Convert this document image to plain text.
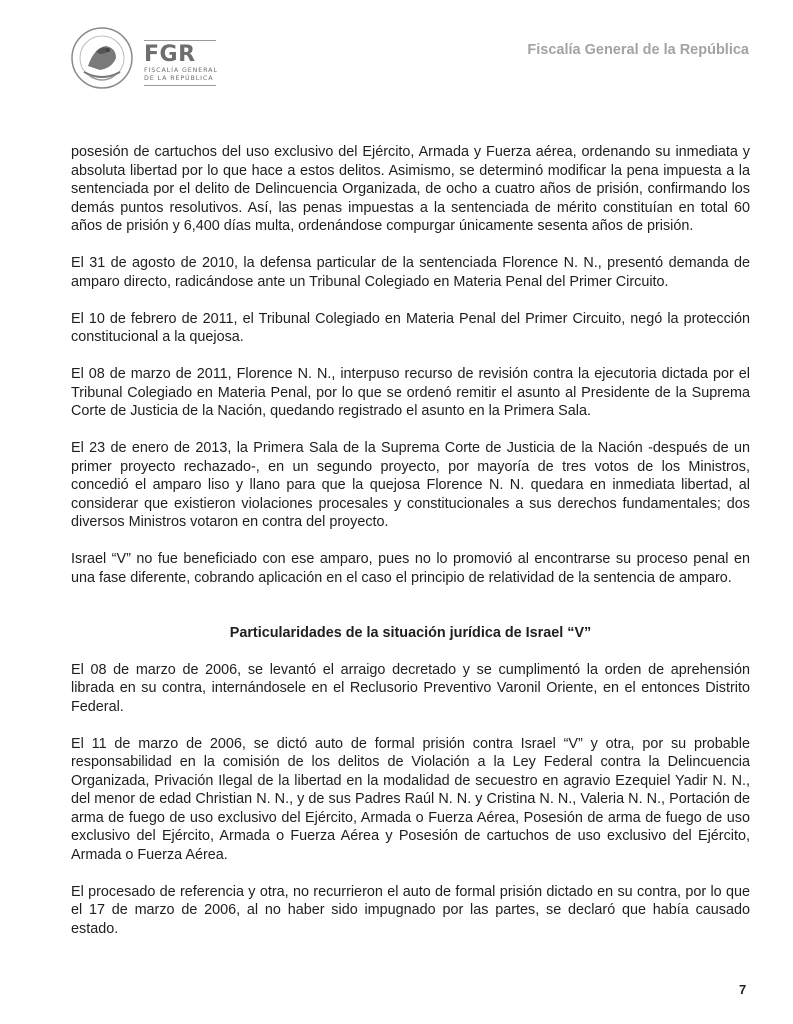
FGR
FISCALÍA GENERAL
DE LA REPÚBLICA
Fiscalía General de la República

posesión de cartuchos del uso exclusivo del Ejército, Armada y Fuerza aérea, ordenando su inmediata y absoluta libertad por lo que hace a estos delitos. Asimismo, se determinó modificar la pena impuesta a la sentenciada por el delito de Delincuencia Organizada, de ocho a cuatro años de prisión, confirmando los demás puntos resolutivos. Así, las penas impuestas a la sentenciada de mérito constituían en total 60 años de prisión y 6,400 días multa, ordenándose compurgar únicamente sesenta años de prisión.

El 31 de agosto de 2010, la defensa particular de la sentenciada Florence N. N., presentó demanda de amparo directo, radicándose ante un Tribunal Colegiado en Materia Penal del Primer Circuito.

El 10 de febrero de 2011, el Tribunal Colegiado en Materia Penal del Primer Circuito, negó la protección constitucional a la quejosa.

El 08 de marzo de 2011, Florence N. N., interpuso recurso de revisión contra la ejecutoria dictada por el Tribunal Colegiado en Materia Penal, por lo que se ordenó remitir el asunto al Presidente de la Suprema Corte de Justicia de la Nación, quedando registrado el asunto en la Primera Sala.

El 23 de enero de 2013, la Primera Sala de la Suprema Corte de Justicia de la Nación -después de un primer proyecto rechazado-, en un segundo proyecto, por mayoría de tres votos de los Ministros, concedió el amparo liso y llano para que la quejosa Florence N. N. quedara en inmediata libertad, al considerar que existieron violaciones procesales y constitucionales a sus derechos fundamentales; dos diversos Ministros votaron en contra del proyecto.

Israel “V” no fue beneficiado con ese amparo, pues no lo promovió al encontrarse su proceso penal en una fase diferente, cobrando aplicación en el caso el principio de relatividad de la sentencia de amparo.

Particularidades de la situación jurídica de Israel “V”

El 08 de marzo de 2006, se levantó el arraigo decretado y se cumplimentó la orden de aprehensión librada en su contra, internándosele en el Reclusorio Preventivo Varonil Oriente, en el entonces Distrito Federal.

El 11 de marzo de 2006, se dictó auto de formal prisión contra Israel “V” y otra, por su probable responsabilidad en la comisión de los delitos de Violación a la Ley Federal contra la Delincuencia Organizada, Privación Ilegal de la libertad en la modalidad de secuestro en agravio Ezequiel Yadir N. N., del menor de edad Christian N. N., y de sus Padres Raúl N. N. y Cristina N. N., Valeria N. N., Portación de arma de fuego de uso exclusivo del Ejército, Armada o Fuerza Aérea, Posesión de arma de fuego de uso exclusivo del Ejército, Armada o Fuerza Aérea y Posesión de cartuchos de uso exclusivo del Ejército, Armada o Fuerza Aérea.

El procesado de referencia y otra, no recurrieron el auto de formal prisión dictado en su contra, por lo que el 17 de marzo de 2006, al no haber sido impugnado por las partes, se declaró que había causado estado.

7
